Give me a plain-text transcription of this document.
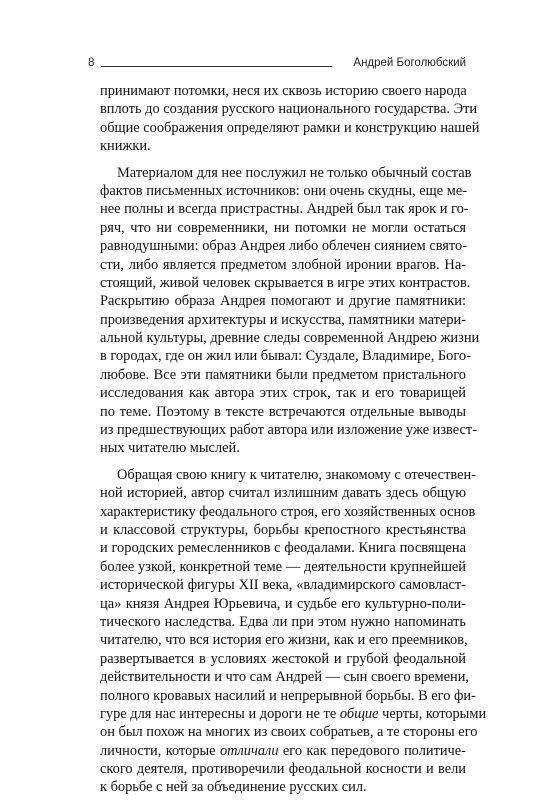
8	Андрей Боголюбский
принимают потомки, неся их сквозь историю своего народа
вплоть до создания русского национального государства. Эти
общие соображения определяют рамки и конструкцию нашей
книжки.
Материалом для нее послужил не только обычный состав
фактов письменных источников: они очень скудны, еще ме-
нее полны и всегда пристрастны. Андрей был так ярок и го-
ряч, что ни современники, ни потомки не могли остаться
равнодушными: образ Андрея либо облечен сиянием свято-
сти, либо является предметом злобной иронии врагов. На-
стоящий, живой человек скрывается в игре этих контрастов.
Раскрытию образа Андрея помогают и другие памятники:
произведения архитектуры и искусства, памятники матери-
альной культуры, древние следы современной Андрею жизни
в городах, где он жил или бывал: Суздале, Владимире, Бого-
любове. Все эти памятники были предметом пристального
исследования как автора этих строк, так и его товарищей
по теме. Поэтому в тексте встречаются отдельные выводы
из предшествующих работ автора или изложение уже извест-
ных читателю мыслей.
Обращая свою книгу к читателю, знакомому с отечествен-
ной историей, автор считал излишним давать здесь общую
характеристику феодального строя, его хозяйственных основ
и классовой структуры, борьбы крепостного крестьянства
и городских ремесленников с феодалами. Книга посвящена
более узкой, конкретной теме — деятельности крупнейшей
исторической фигуры XII века, «владимирского самовласт-
ца» князя Андрея Юрьевича, и судьбе его культурно-поли-
тического наследства. Едва ли при этом нужно напоминать
читателю, что вся история его жизни, как и его преемников,
развертывается в условиях жестокой и грубой феодальной
действительности и что сам Андрей — сын своего времени,
полного кровавых насилий и непрерывной борьбы. В его фи-
гуре для нас интересны и дороги не те общие черты, которыми
он был похож на многих из своих собратьев, а те стороны его
личности, которые отличали его как передового политиче-
ского деятеля, противоречили феодальной косности и вели
к борьбе с ней за объединение русских сил.
